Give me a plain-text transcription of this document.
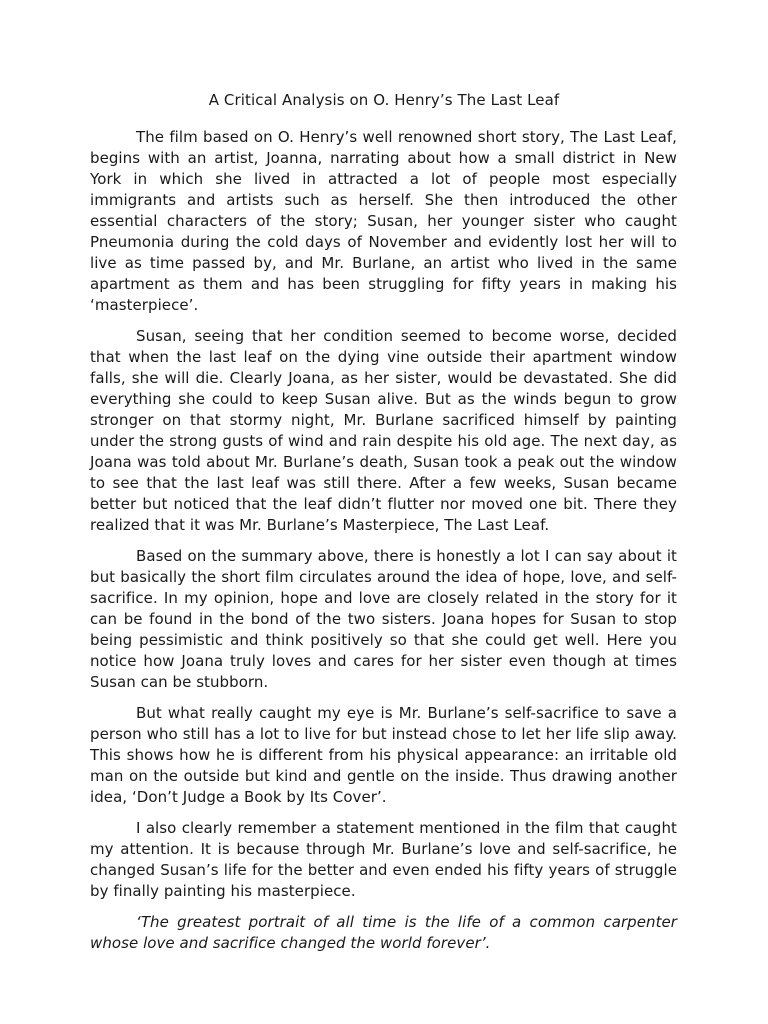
A Critical Analysis on O. Henry’s The Last Leaf

The film based on O. Henry’s well renowned short story, The Last Leaf, begins with an artist, Joanna, narrating about how a small district in New York in which she lived in attracted a lot of people most especially immigrants and artists such as herself. She then introduced the other essential characters of the story; Susan, her younger sister who caught Pneumonia during the cold days of November and evidently lost her will to live as time passed by, and Mr. Burlane, an artist who lived in the same apartment as them and has been struggling for fifty years in making his ‘masterpiece’.

Susan, seeing that her condition seemed to become worse, decided that when the last leaf on the dying vine outside their apartment window falls, she will die. Clearly Joana, as her sister, would be devastated. She did everything she could to keep Susan alive. But as the winds begun to grow stronger on that stormy night, Mr. Burlane sacrificed himself by painting under the strong gusts of wind and rain despite his old age. The next day, as Joana was told about Mr. Burlane’s death, Susan took a peak out the window to see that the last leaf was still there. After a few weeks, Susan became better but noticed that the leaf didn’t flutter nor moved one bit. There they realized that it was Mr. Burlane’s Masterpiece, The Last Leaf.

Based on the summary above, there is honestly a lot I can say about it but basically the short film circulates around the idea of hope, love, and self-sacrifice. In my opinion, hope and love are closely related in the story for it can be found in the bond of the two sisters. Joana hopes for Susan to stop being pessimistic and think positively so that she could get well. Here you notice how Joana truly loves and cares for her sister even though at times Susan can be stubborn.

But what really caught my eye is Mr. Burlane’s self-sacrifice to save a person who still has a lot to live for but instead chose to let her life slip away. This shows how he is different from his physical appearance: an irritable old man on the outside but kind and gentle on the inside. Thus drawing another idea, ‘Don’t Judge a Book by Its Cover’.

I also clearly remember a statement mentioned in the film that caught my attention. It is because through Mr. Burlane’s love and self-sacrifice, he changed Susan’s life for the better and even ended his fifty years of struggle by finally painting his masterpiece.

‘The greatest portrait of all time is the life of a common carpenter whose love and sacrifice changed the world forever’.
